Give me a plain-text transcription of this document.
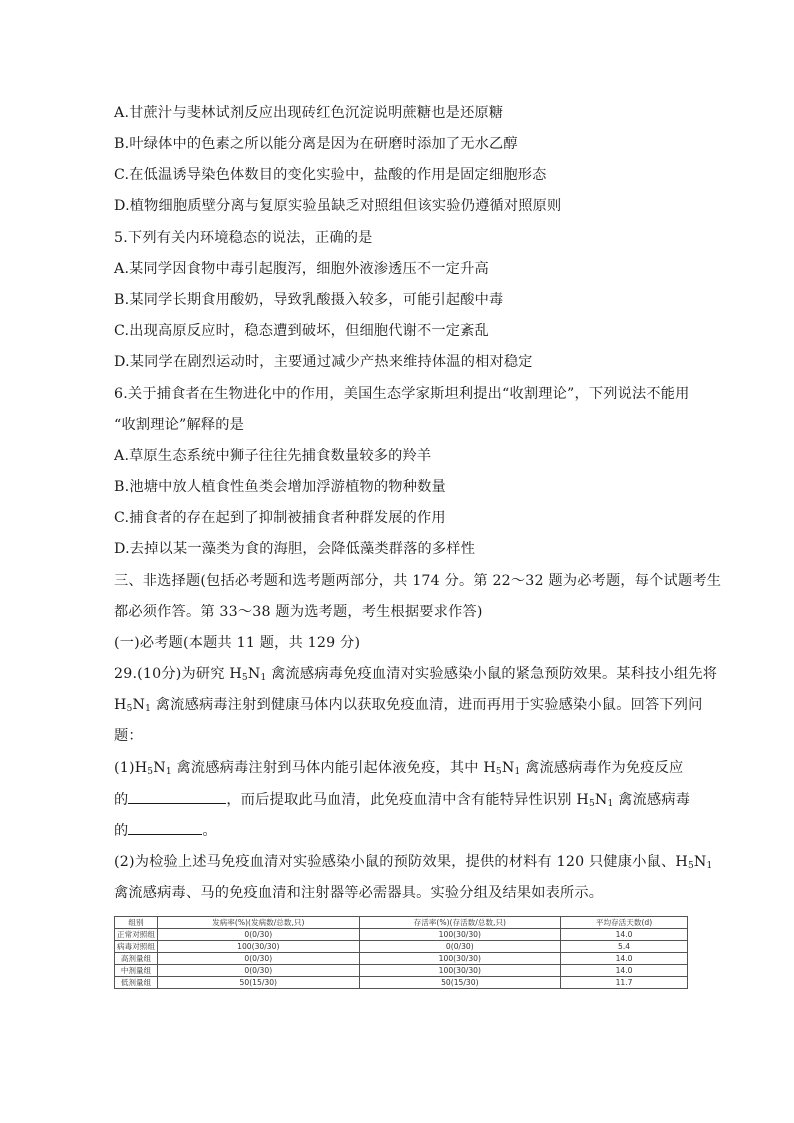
A.甘蔗汁与斐林试剂反应出现砖红色沉淀说明蔗糖也是还原糖
B.叶绿体中的色素之所以能分离是因为在研磨时添加了无水乙醇
C.在低温诱导染色体数目的变化实验中，盐酸的作用是固定细胞形态
D.植物细胞质壁分离与复原实验虽缺乏对照组但该实验仍遵循对照原则
5.下列有关内环境稳态的说法，正确的是
A.某同学因食物中毒引起腹泻，细胞外液渗透压不一定升高
B.某同学长期食用酸奶，导致乳酸摄入较多，可能引起酸中毒
C.出现高原反应时，稳态遭到破坏，但细胞代谢不一定紊乱
D.某同学在剧烈运动时，主要通过减少产热来维持体温的相对稳定
6.关于捕食者在生物进化中的作用，美国生态学家斯坦利提出“收割理论”，下列说法不能用
“收割理论”解释的是
A.草原生态系统中狮子往往先捕食数量较多的羚羊
B.池塘中放人植食性鱼类会增加浮游植物的物种数量
C.捕食者的存在起到了抑制被捕食者种群发展的作用
D.去掉以某一藻类为食的海胆，会降低藻类群落的多样性
三、非选择题(包括必考题和选考题两部分，共 174 分。第 22～32 题为必考题，每个试题考生
都必须作答。第 33～38 题为选考题，考生根据要求作答)
(一)必考题(本题共 11 题，共 129 分)
29.(10分)为研究 $H_5N_1$ 禽流感病毒免疫血清对实验感染小鼠的紧急预防效果。某科技小组先将
$H_5N_1$ 禽流感病毒注射到健康马体内以获取免疫血清，进而再用于实验感染小鼠。回答下列问
题：
$(1)H_5N_1$ 禽流感病毒注射到马体内能引起体液免疫，其中 $H_5N_1$ 禽流感病毒作为免疫反应
的	，而后提取此马血清，此免疫血清中含有能特异性识别 $H_5N_1$ 禽流感病毒
的	。
(2)为检验上述马免疫血清对实验感染小鼠的预防效果，提供的材料有 120 只健康小鼠、$H_5N_1$
禽流感病毒、马的免疫血清和注射器等必需器具。实验分组及结果如表所示。
组别	发病率(%)(发病数/总数,只)	存活率(%)(存活数/总数,只)	平均存活天数(d)
正常对照组	0(0/30)	100(30/30)	14.0
病毒对照组	100(30/30)	0(0/30)	5.4
高剂量组	0(0/30)	100(30/30)	14.0
中剂量组	0(0/30)	100(30/30)	14.0
低剂量组	50(15/30)	50(15/30)	11.7
